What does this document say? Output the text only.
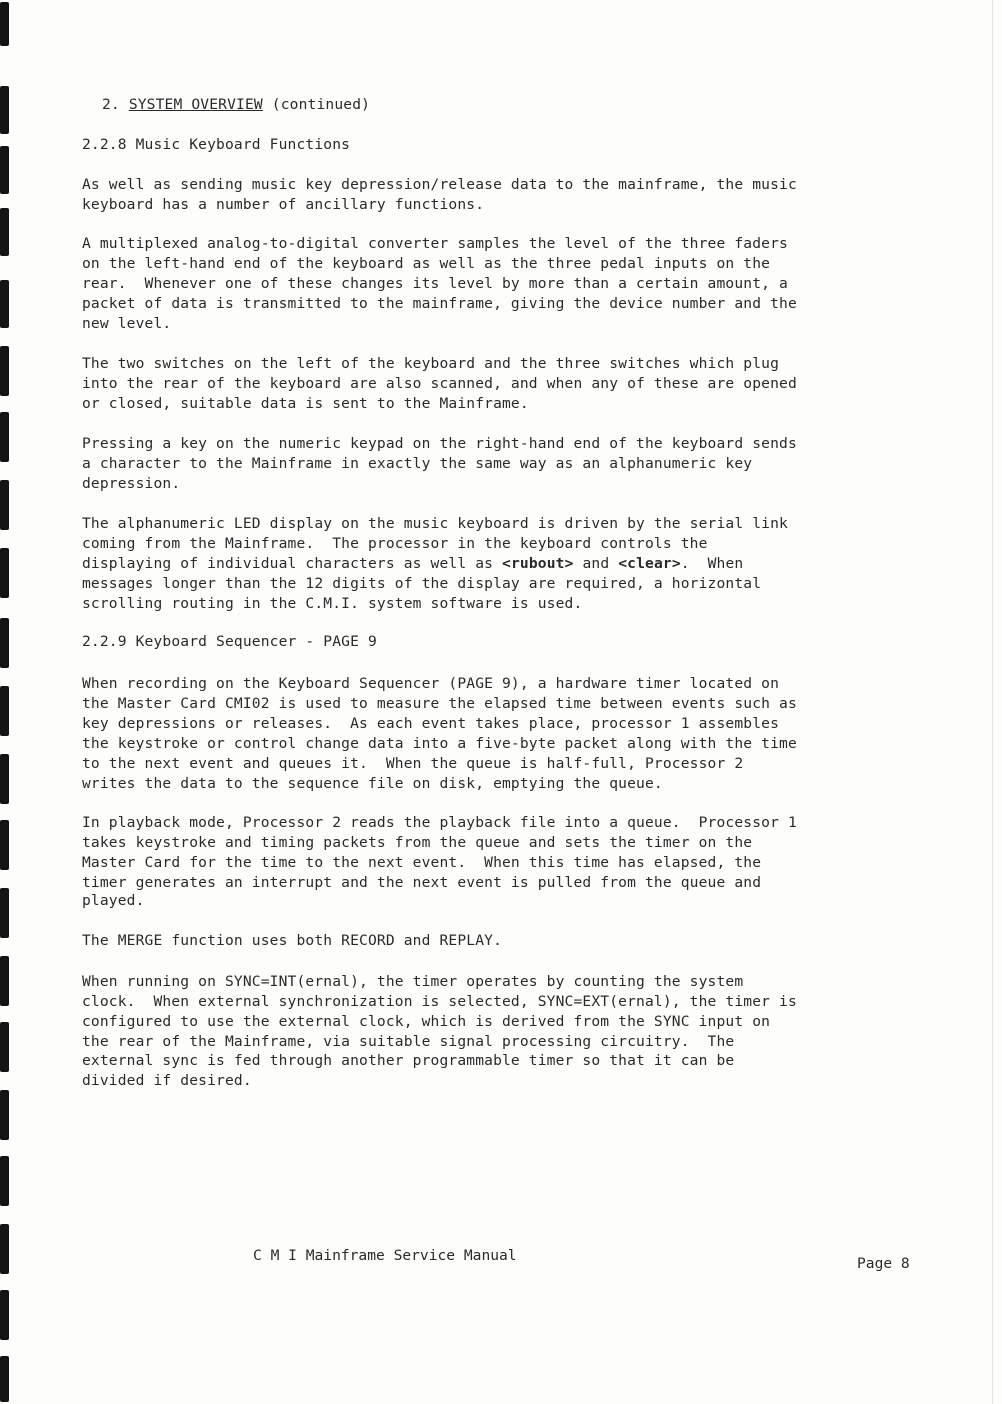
2. SYSTEM OVERVIEW (continued)
2.2.8 Music Keyboard Functions
As well as sending music key depression/release data to the mainframe, the music
keyboard has a number of ancillary functions.
A multiplexed analog-to-digital converter samples the level of the three faders
on the left-hand end of the keyboard as well as the three pedal inputs on the
rear.  Whenever one of these changes its level by more than a certain amount, a
packet of data is transmitted to the mainframe, giving the device number and the
new level.
The two switches on the left of the keyboard and the three switches which plug
into the rear of the keyboard are also scanned, and when any of these are opened
or closed, suitable data is sent to the Mainframe.
Pressing a key on the numeric keypad on the right-hand end of the keyboard sends
a character to the Mainframe in exactly the same way as an alphanumeric key
depression.
The alphanumeric LED display on the music keyboard is driven by the serial link
coming from the Mainframe.  The processor in the keyboard controls the
displaying of individual characters as well as <rubout> and <clear>.  When
messages longer than the 12 digits of the display are required, a horizontal
scrolling routing in the C.M.I. system software is used.
2.2.9 Keyboard Sequencer - PAGE 9
When recording on the Keyboard Sequencer (PAGE 9), a hardware timer located on
the Master Card CMI02 is used to measure the elapsed time between events such as
key depressions or releases.  As each event takes place, processor 1 assembles
the keystroke or control change data into a five-byte packet along with the time
to the next event and queues it.  When the queue is half-full, Processor 2
writes the data to the sequence file on disk, emptying the queue.
In playback mode, Processor 2 reads the playback file into a queue.  Processor 1
takes keystroke and timing packets from the queue and sets the timer on the
Master Card for the time to the next event.  When this time has elapsed, the
timer generates an interrupt and the next event is pulled from the queue and
played.
The MERGE function uses both RECORD and REPLAY.
When running on SYNC=INT(ernal), the timer operates by counting the system
clock.  When external synchronization is selected, SYNC=EXT(ernal), the timer is
configured to use the external clock, which is derived from the SYNC input on
the rear of the Mainframe, via suitable signal processing circuitry.  The
external sync is fed through another programmable timer so that it can be
divided if desired.
C M I Mainframe Service Manual	Page 8
